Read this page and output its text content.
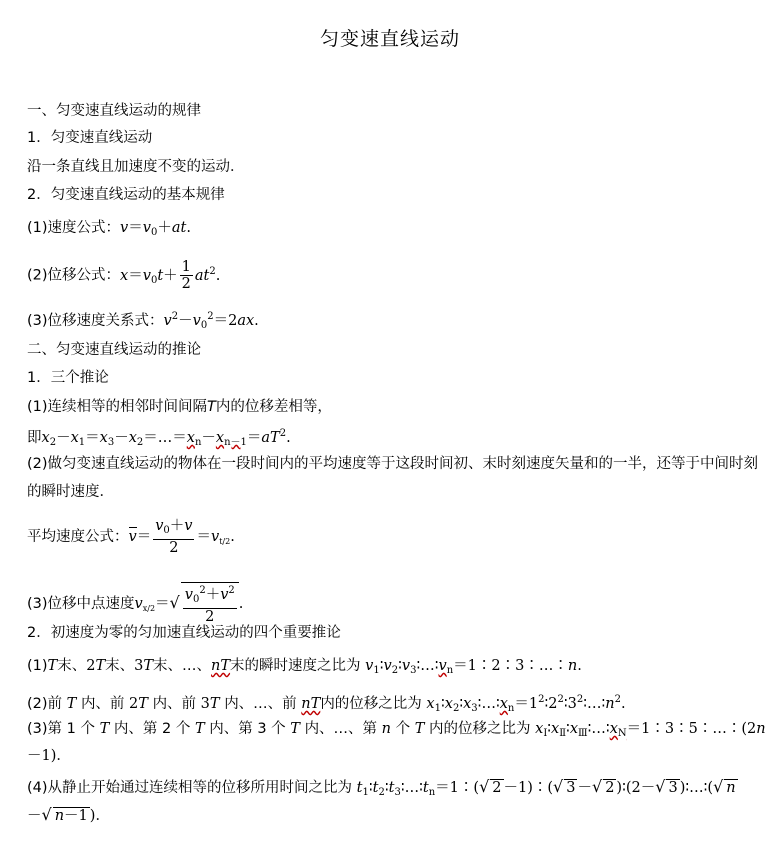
匀变速直线运动
一、匀变速直线运动的规律
1．匀变速直线运动
沿一条直线且加速度不变的运动．
2．匀变速直线运动的基本规律
(1)速度公式：$v=v_0+at$.
(2)位移公式：$x=v_0t+ \frac{1}{2} at^2$.
(3)位移速度关系式：$v^2-v_0^2=2ax$.
二、匀变速直线运动的推论
1．三个推论
(1)连续相等的相邻时间间隔T内的位移差相等，
即$x_2-x_1=x_3-x_2=\dots=x_n-x_{n-1}=aT^2$.
(2)做匀变速直线运动的物体在一段时间内的平均速度等于这段时间初、末时刻速度矢量和的一半，还等于中间时刻
的瞬时速度．
平均速度公式：$v= \frac{v_0+v}{2} =v_{t/2}$.
(3)位移中点速度$v_{x/2}=√ \frac{v_0^2+v^2}{2}$ .
2．初速度为零的匀加速直线运动的四个重要推论
(1)T末、2T末、3T末、…、nT末的瞬时速度之比为 $v_1∶v_2∶v_3∶\dots∶v_n=1∶2∶3∶\dots∶n$.
(2)前 T 内、前 2T 内、前 3T 内、…、前 nT内的位移之比为 $x_1∶x_2∶x_3∶\dots∶x_n=1^2∶2^2∶3^2∶\dots∶n^2$.
(3)第 1 个 T 内、第 2 个 T 内、第 3 个 T 内、…、第 n 个 T 内的位移之比为 $x_Ⅰ∶x_Ⅱ∶x_Ⅲ∶\dots∶x_N=1∶3∶5∶\dots∶(2n$
－1)．
(4)从静止开始通过连续相等的位移所用时间之比为 $t_1∶t_2∶t_3∶\dots∶t_n=1∶(√$ 2 －1)∶(√ 3 －√ 2 )∶(2－√ 3 )∶…∶(√ n
－√ n－1 )．
